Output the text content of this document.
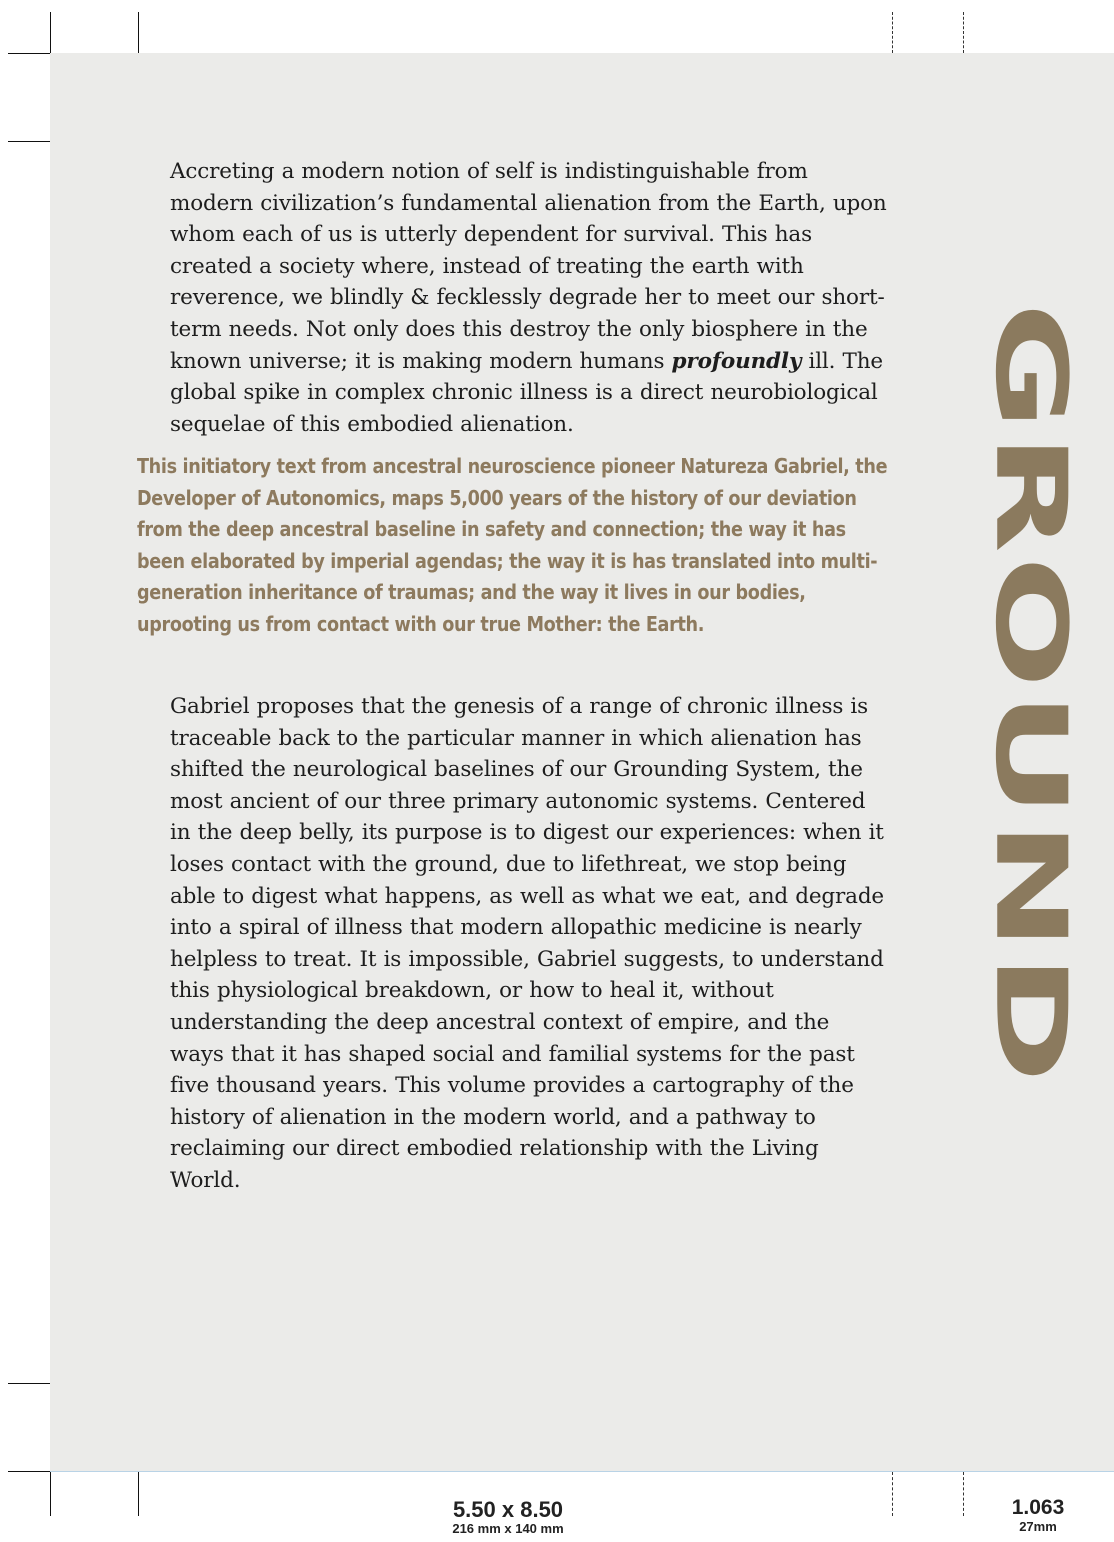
Accreting a modern notion of self is indistinguishable from modern civilization’s fundamental alienation from the Earth, upon whom each of us is utterly dependent for survival. This has created a society where, instead of treating the earth with reverence, we blindly & fecklessly degrade her to meet our short-term needs. Not only does this destroy the only biosphere in the known universe; it is making modern humans profoundly ill. The global spike in complex chronic illness is a direct neurobiological sequelae of this embodied alienation.

This initiatory text from ancestral neuroscience pioneer Natureza Gabriel, the Developer of Autonomics, maps 5,000 years of the history of our deviation from the deep ancestral baseline in safety and connection; the way it has been elaborated by imperial agendas; the way it is has translated into multi-generation inheritance of traumas; and the way it lives in our bodies, uprooting us from contact with our true Mother: the Earth.

Gabriel proposes that the genesis of a range of chronic illness is traceable back to the particular manner in which alienation has shifted the neurological baselines of our Grounding System, the most ancient of our three primary autonomic systems. Centered in the deep belly, its purpose is to digest our experiences: when it loses contact with the ground, due to lifethreat, we stop being able to digest what happens, as well as what we eat, and degrade into a spiral of illness that modern allopathic medicine is nearly helpless to treat. It is impossible, Gabriel suggests, to understand this physiological breakdown, or how to heal it, without understanding the deep ancestral context of empire, and the ways that it has shaped social and familial systems for the past five thousand years. This volume provides a cartography of the history of alienation in the modern world, and a pathway to reclaiming our direct embodied relationship with the Living World.

GROUND
5.50 x 8.50
216 mm x 140 mm
1.063
27mm
